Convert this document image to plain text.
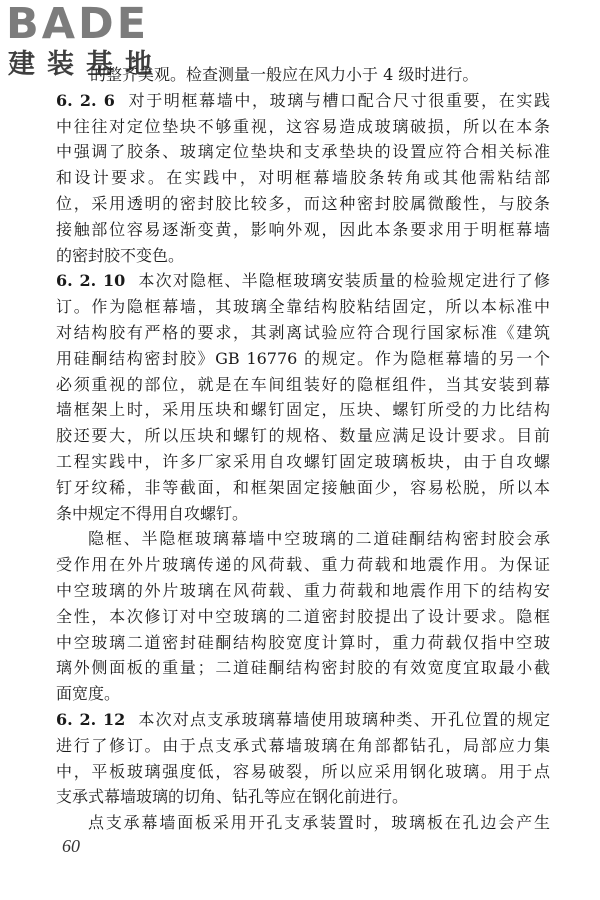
BADE
建装基地
的整齐美观。检查测量一般应在风力小于 4 级时进行。
6. 2. 6 对于明框幕墙中，玻璃与槽口配合尺寸很重要，在实践
中往往对定位垫块不够重视，这容易造成玻璃破损，所以在本条
中强调了胶条、玻璃定位垫块和支承垫块的设置应符合相关标准
和设计要求。在实践中，对明框幕墙胶条转角或其他需粘结部
位，采用透明的密封胶比较多，而这种密封胶属微酸性，与胶条
接触部位容易逐渐变黄，影响外观，因此本条要求用于明框幕墙
的密封胶不变色。
6. 2. 10 本次对隐框、半隐框玻璃安装质量的检验规定进行了修
订。作为隐框幕墙，其玻璃全靠结构胶粘结固定，所以本标准中
对结构胶有严格的要求，其剥离试验应符合现行国家标准《建筑
用硅酮结构密封胶》GB 16776 的规定。作为隐框幕墙的另一个
必须重视的部位，就是在车间组装好的隐框组件，当其安装到幕
墙框架上时，采用压块和螺钉固定，压块、螺钉所受的力比结构
胶还要大，所以压块和螺钉的规格、数量应满足设计要求。目前
工程实践中，许多厂家采用自攻螺钉固定玻璃板块，由于自攻螺
钉牙纹稀，非等截面，和框架固定接触面少，容易松脱，所以本
条中规定不得用自攻螺钉。
隐框、半隐框玻璃幕墙中空玻璃的二道硅酮结构密封胶会承
受作用在外片玻璃传递的风荷载、重力荷载和地震作用。为保证
中空玻璃的外片玻璃在风荷载、重力荷载和地震作用下的结构安
全性，本次修订对中空玻璃的二道密封胶提出了设计要求。隐框
中空玻璃二道密封硅酮结构胶宽度计算时，重力荷载仅指中空玻
璃外侧面板的重量；二道硅酮结构密封胶的有效宽度宜取最小截
面宽度。
6. 2. 12 本次对点支承玻璃幕墙使用玻璃种类、开孔位置的规定
进行了修订。由于点支承式幕墙玻璃在角部都钻孔，局部应力集
中，平板玻璃强度低，容易破裂，所以应采用钢化玻璃。用于点
支承式幕墙玻璃的切角、钻孔等应在钢化前进行。
点支承幕墙面板采用开孔支承装置时，玻璃板在孔边会产生
60
